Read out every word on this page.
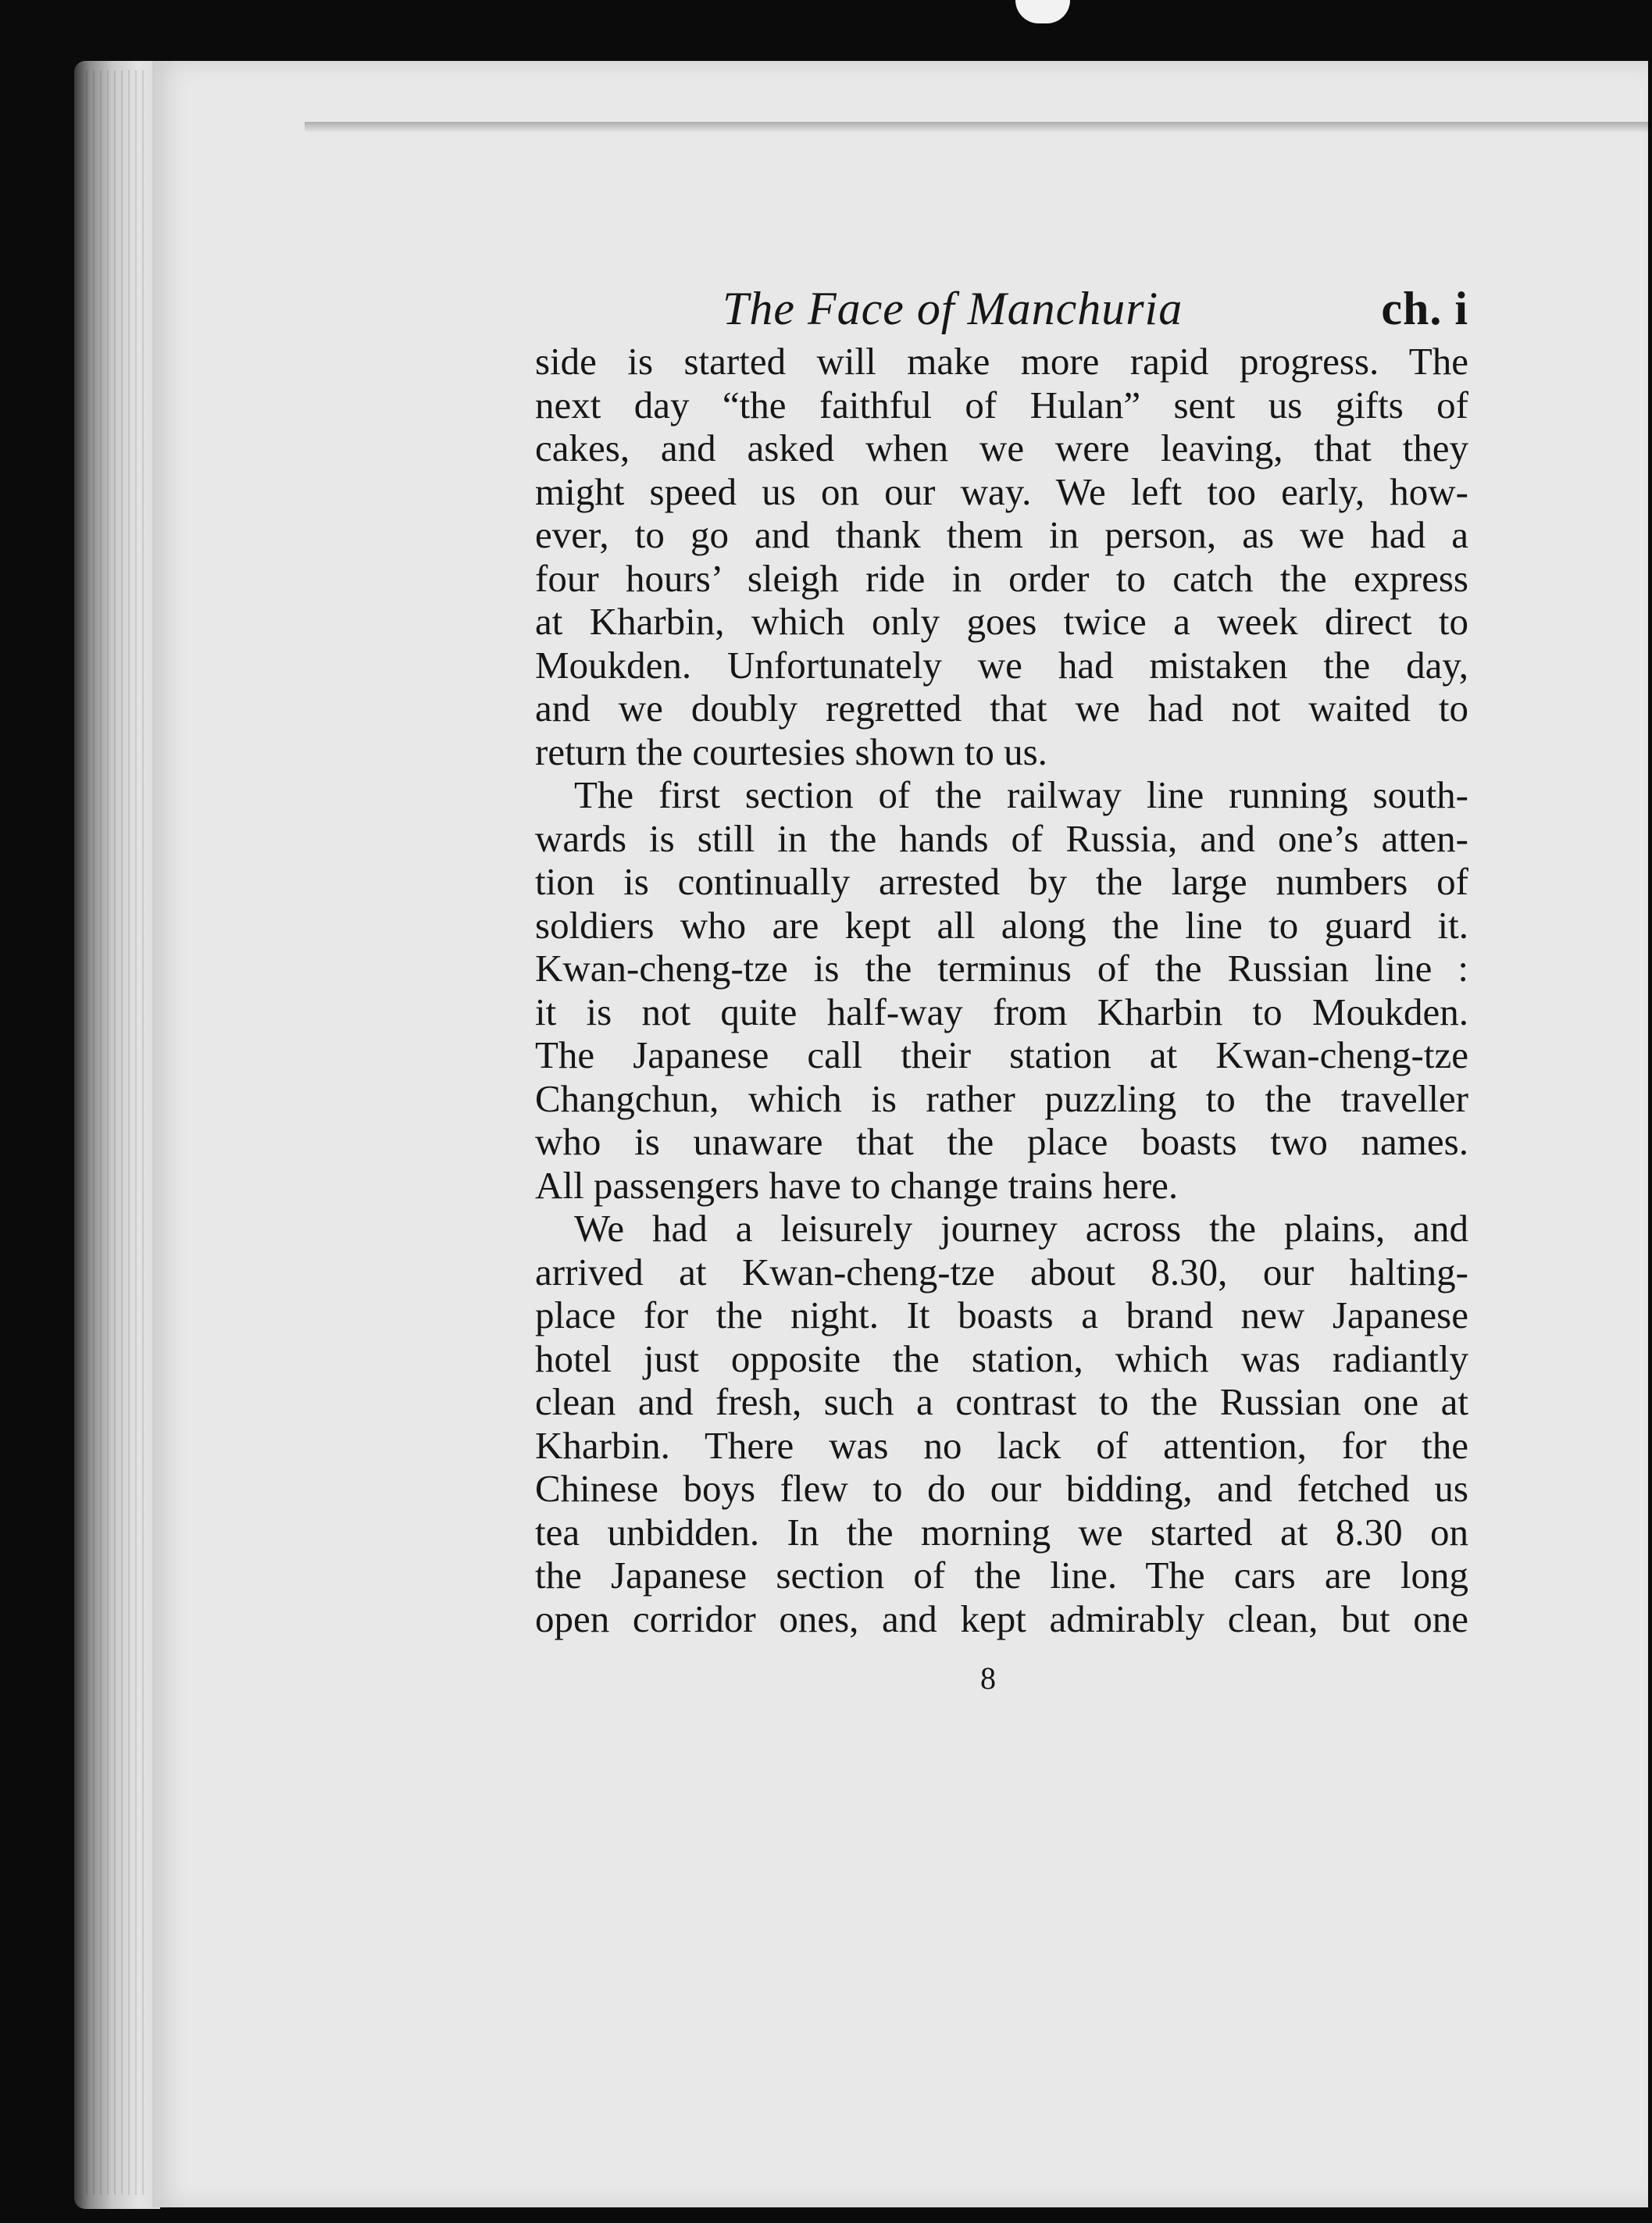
The Face of Manchuria	ch. i

side is started will make more rapid progress. The
next day “the faithful of Hulan” sent us gifts of
cakes, and asked when we were leaving, that they
might speed us on our way. We left too early, how-
ever, to go and thank them in person, as we had a
four hours’ sleigh ride in order to catch the express
at Kharbin, which only goes twice a week direct to
Moukden. Unfortunately we had mistaken the day,
and we doubly regretted that we had not waited to
return the courtesies shown to us.

The first section of the railway line running south-
wards is still in the hands of Russia, and one’s atten-
tion is continually arrested by the large numbers of
soldiers who are kept all along the line to guard it.
Kwan-cheng-tze is the terminus of the Russian line :
it is not quite half-way from Kharbin to Moukden.
The Japanese call their station at Kwan-cheng-tze
Changchun, which is rather puzzling to the traveller
who is unaware that the place boasts two names.
All passengers have to change trains here.

We had a leisurely journey across the plains, and
arrived at Kwan-cheng-tze about 8.30, our halting-
place for the night. It boasts a brand new Japanese
hotel just opposite the station, which was radiantly
clean and fresh, such a contrast to the Russian one at
Kharbin. There was no lack of attention, for the
Chinese boys flew to do our bidding, and fetched us
tea unbidden. In the morning we started at 8.30 on
the Japanese section of the line. The cars are long
open corridor ones, and kept admirably clean, but one

8
